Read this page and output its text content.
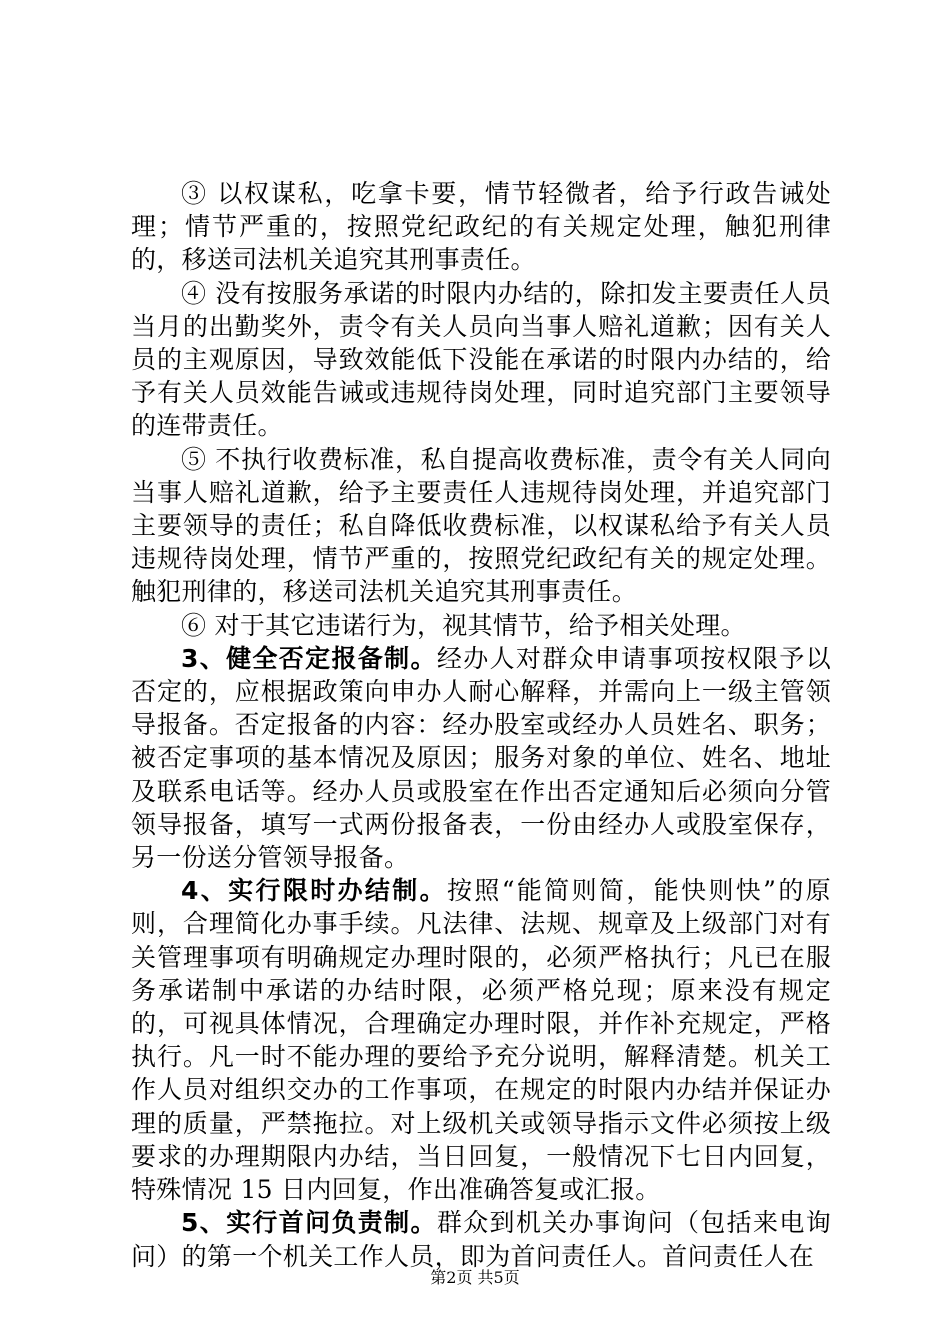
③ 以权谋私，吃拿卡要，情节轻微者，给予行政告诫处理；情节严重的，按照党纪政纪的有关规定处理，触犯刑律的，移送司法机关追究其刑事责任。

④ 没有按服务承诺的时限内办结的，除扣发主要责任人员当月的出勤奖外，责令有关人员向当事人赔礼道歉；因有关人员的主观原因，导致效能低下没能在承诺的时限内办结的，给予有关人员效能告诫或违规待岗处理，同时追究部门主要领导的连带责任。

⑤ 不执行收费标准，私自提高收费标准，责令有关人同向当事人赔礼道歉，给予主要责任人违规待岗处理，并追究部门主要领导的责任；私自降低收费标准，以权谋私给予有关人员违规待岗处理，情节严重的，按照党纪政纪有关的规定处理。触犯刑律的，移送司法机关追究其刑事责任。

⑥ 对于其它违诺行为，视其情节，给予相关处理。

3、健全否定报备制。经办人对群众申请事项按权限予以否定的，应根据政策向申办人耐心解释，并需向上一级主管领导报备。否定报备的内容：经办股室或经办人员姓名、职务；被否定事项的基本情况及原因；服务对象的单位、姓名、地址及联系电话等。经办人员或股室在作出否定通知后必须向分管领导报备，填写一式两份报备表，一份由经办人或股室保存，另一份送分管领导报备。

4、实行限时办结制。按照“能简则简，能快则快”的原则，合理简化办事手续。凡法律、法规、规章及上级部门对有关管理事项有明确规定办理时限的，必须严格执行；凡已在服务承诺制中承诺的办结时限，必须严格兑现；原来没有规定的，可视具体情况，合理确定办理时限，并作补充规定，严格执行。凡一时不能办理的要给予充分说明，解释清楚。机关工作人员对组织交办的工作事项，在规定的时限内办结并保证办理的质量，严禁拖拉。对上级机关或领导指示文件必须按上级要求的办理期限内办结，当日回复，一般情况下七日内回复，特殊情况 15 日内回复，作出准确答复或汇报。

5、实行首问负责制。群众到机关办事询问（包括来电询问）的第一个机关工作人员，即为首问责任人。首问责任人在

第2页 共5页
